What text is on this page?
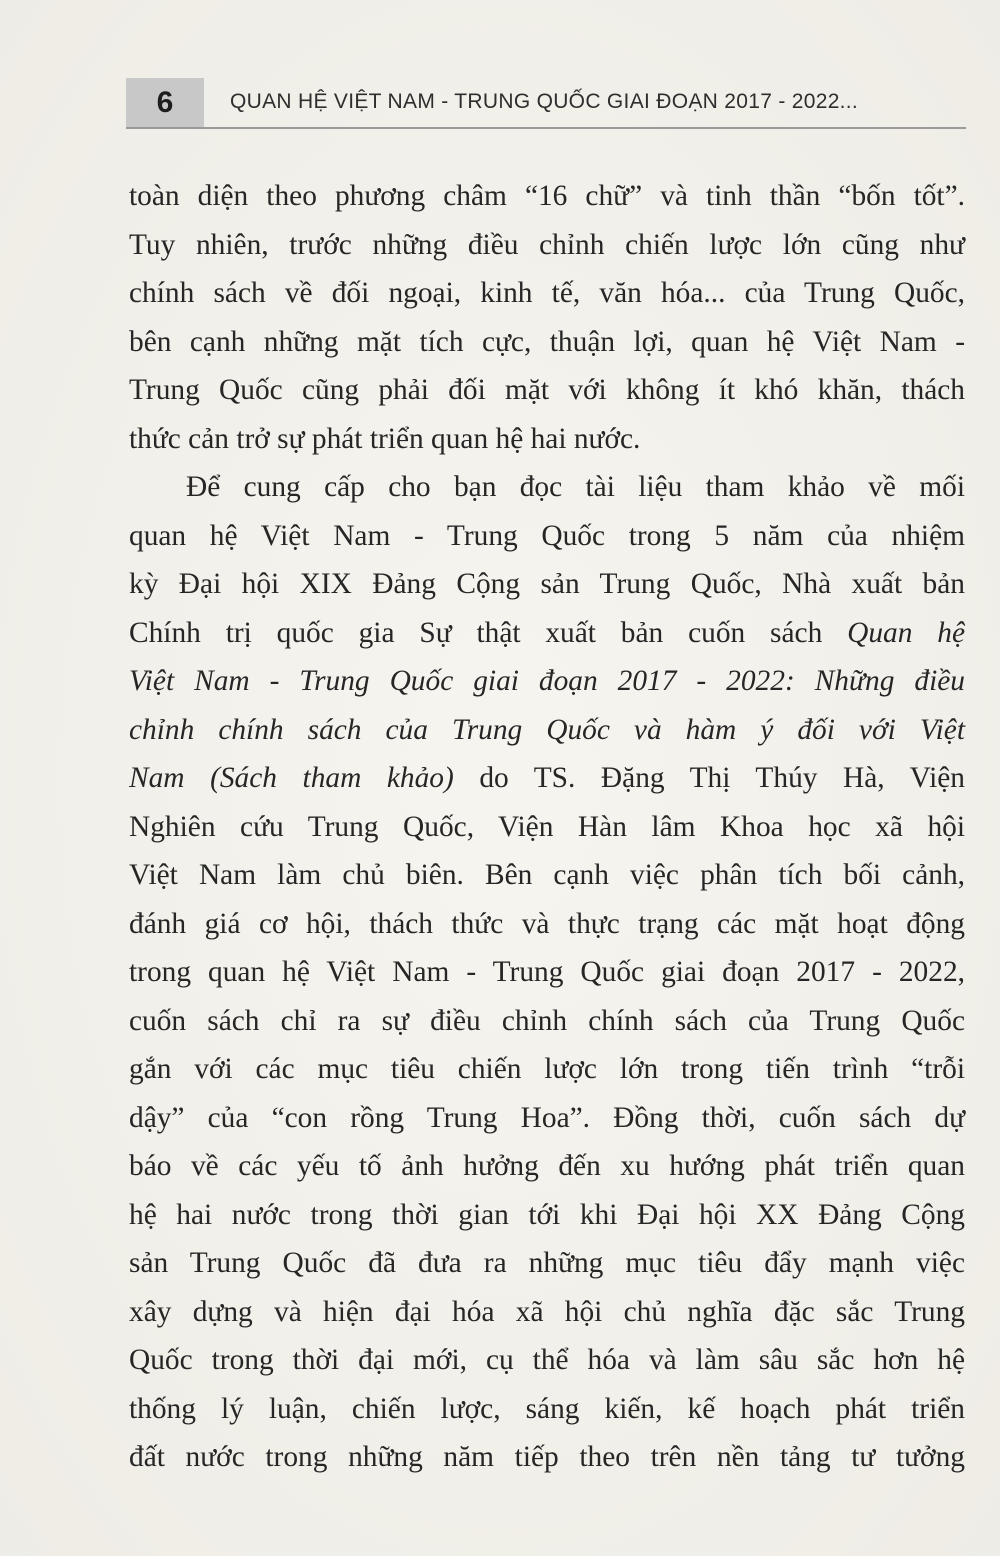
6	QUAN HỆ VIỆT NAM - TRUNG QUỐC GIAI ĐOẠN 2017 - 2022...

toàn diện theo phương châm “16 chữ” và tinh thần “bốn tốt”.
Tuy nhiên, trước những điều chỉnh chiến lược lớn cũng như
chính sách về đối ngoại, kinh tế, văn hóa... của Trung Quốc,
bên cạnh những mặt tích cực, thuận lợi, quan hệ Việt Nam -
Trung Quốc cũng phải đối mặt với không ít khó khăn, thách
thức cản trở sự phát triển quan hệ hai nước.

Để cung cấp cho bạn đọc tài liệu tham khảo về mối
quan hệ Việt Nam - Trung Quốc trong 5 năm của nhiệm
kỳ Đại hội XIX Đảng Cộng sản Trung Quốc, Nhà xuất bản
Chính trị quốc gia Sự thật xuất bản cuốn sách Quan hệ
Việt Nam - Trung Quốc giai đoạn 2017 - 2022: Những điều
chỉnh chính sách của Trung Quốc và hàm ý đối với Việt
Nam (Sách tham khảo) do TS. Đặng Thị Thúy Hà, Viện
Nghiên cứu Trung Quốc, Viện Hàn lâm Khoa học xã hội
Việt Nam làm chủ biên. Bên cạnh việc phân tích bối cảnh,
đánh giá cơ hội, thách thức và thực trạng các mặt hoạt động
trong quan hệ Việt Nam - Trung Quốc giai đoạn 2017 - 2022,
cuốn sách chỉ ra sự điều chỉnh chính sách của Trung Quốc
gắn với các mục tiêu chiến lược lớn trong tiến trình “trỗi
dậy” của “con rồng Trung Hoa”. Đồng thời, cuốn sách dự
báo về các yếu tố ảnh hưởng đến xu hướng phát triển quan
hệ hai nước trong thời gian tới khi Đại hội XX Đảng Cộng
sản Trung Quốc đã đưa ra những mục tiêu đẩy mạnh việc
xây dựng và hiện đại hóa xã hội chủ nghĩa đặc sắc Trung
Quốc trong thời đại mới, cụ thể hóa và làm sâu sắc hơn hệ
thống lý luận, chiến lược, sáng kiến, kế hoạch phát triển
đất nước trong những năm tiếp theo trên nền tảng tư tưởng
